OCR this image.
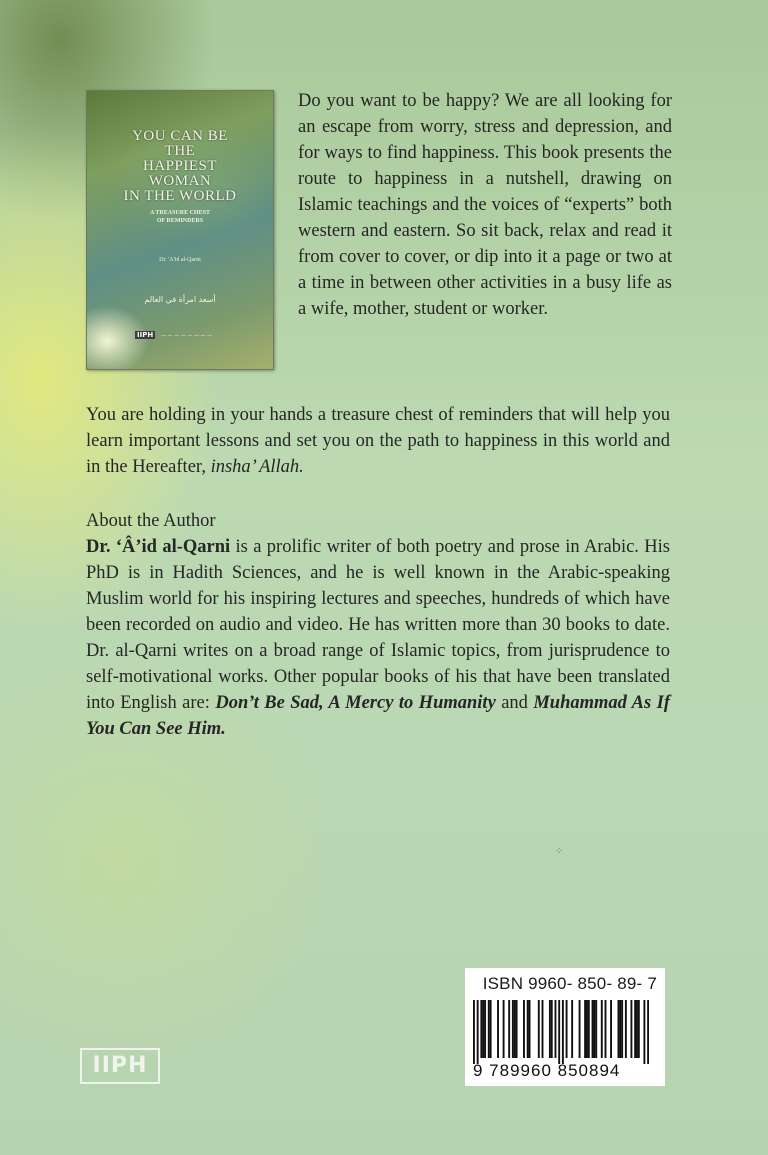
YOU CAN BE
THE
HAPPIEST
WOMAN
IN THE WORLD
A TREASURE CHEST
OF REMINDERS
Dr. 'A'id al-Qarni
أسعد امرأة في العالم
IIPH	— — — — — — — —

Do you want to be happy? We are all looking for an escape from worry, stress and depression, and for ways to find happiness. This book presents the route to happiness in a nutshell, drawing on Islamic teachings and the voices of “experts” both western and eastern. So sit back, relax and read it from cover to cover, or dip into it a page or two at a time in between other activities in a busy life as a wife, mother, student or worker.

You are holding in your hands a treasure chest of reminders that will help you learn important lessons and set you on the path to happiness in this world and in the Hereafter, insha’ Allah.

About the Author

Dr. ‘Â’id al-Qarni is a prolific writer of both poetry and prose in Arabic. His PhD is in Hadith Sciences, and he is well known in the Arabic-speaking Muslim world for his inspiring lectures and speeches, hundreds of which have been recorded on audio and video. He has written more than 30 books to date. Dr. al-Qarni writes on a broad range of Islamic topics, from jurisprudence to self-motivational works. Other popular books of his that have been translated into English are: Don’t Be Sad, A Mercy to Humanity and Muhammad As If You Can See Him.

⁘
IIPH
ISBN 9960- 850- 89- 7
9 789960 850894
